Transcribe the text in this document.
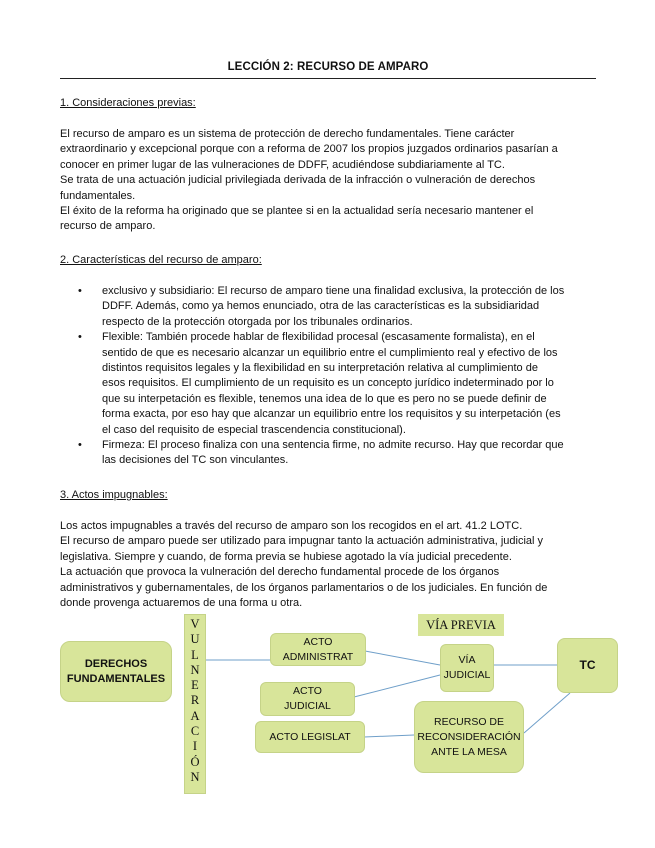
LECCIÓN 2: RECURSO DE AMPARO
1. Consideraciones previas:
El recurso de amparo es un sistema de protección de derecho fundamentales. Tiene carácter
extraordinario y excepcional porque con a reforma de 2007 los propios juzgados ordinarios pasarían a
conocer en primer lugar de las vulneraciones de DDFF, acudiéndose subdiariamente al TC.
Se trata de una actuación judicial privilegiada derivada de la infracción o vulneración de derechos
fundamentales.
El éxito de la reforma ha originado que se plantee si en la actualidad sería necesario mantener el
recurso de amparo.
2. Características del recurso de amparo:
• exclusivo y subsidiario: El recurso de amparo tiene una finalidad exclusiva, la protección de los
DDFF. Además, como ya hemos enunciado, otra de las características es la subsidiaridad
respecto de la protección otorgada por los tribunales ordinarios.
• Flexible: También procede hablar de flexibilidad procesal (escasamente formalista), en el
sentido de que es necesario alcanzar un equilibrio entre el cumplimiento real y efectivo de los
distintos requisitos legales y la flexibilidad en su interpretación relativa al cumplimiento de
esos requisitos. El cumplimiento de un requisito es un concepto jurídico indeterminado por lo
que su interpetación es flexible, tenemos una idea de lo que es pero no se puede definir de
forma exacta, por eso hay que alcanzar un equilibrio entre los requisitos y su interpetación (es
el caso del requisito de especial trascendencia constitucional).
• Firmeza: El proceso finaliza con una sentencia firme, no admite recurso. Hay que recordar que
las decisiones del TC son vinculantes.
3. Actos impugnables:
Los actos impugnables a través del recurso de amparo son los recogidos en el art. 41.2 LOTC.
El recurso de amparo puede ser utilizado para impugnar tanto la actuación administrativa, judicial y
legislativa. Siempre y cuando, de forma previa se hubiese agotado la vía judicial precedente.
La actuación que provoca la vulneración del derecho fundamental procede de los órganos
administrativos y gubernamentales, de los órganos parlamentarios o de los judiciales. En función de
donde provenga actuaremos de una forma u otra.
DERECHOS FUNDAMENTALES
V
U
L
N
E
R
A
C
I
Ó
N
ACTO ADMINISTRAT
ACTO JUDICIAL
ACTO LEGISLAT
VÍA PREVIA
VÍA JUDICIAL
RECURSO DE RECONSIDERACIÓN ANTE LA MESA
TC
